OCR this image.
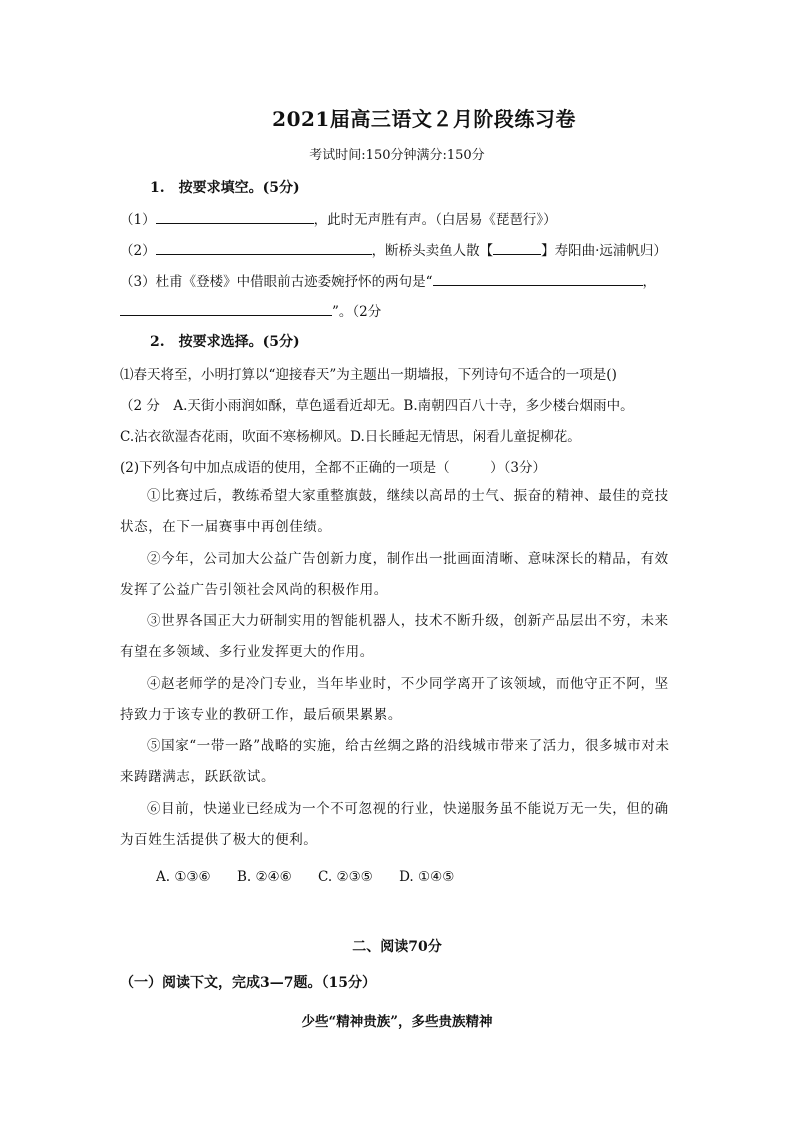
2021届高三语文２月阶段练习卷
考试时间:150分钟满分:150分
1.　按要求填空。(5分)
（1）	，此时无声胜有声。（白居易《琵琶行》）
（2）	，断桥头卖鱼人散【	】寿阳曲·远浦帆归）
（3）杜甫《登楼》中借眼前古迹委婉抒怀的两句是“	，
”。（2分
2.　按要求选择。(5分)
⑴春天将至，小明打算以“迎接春天”为主题出一期墙报，下列诗句不适合的一项是()
（2 分　A.天街小雨润如酥，草色遥看近却无。B.南朝四百八十寺，多少楼台烟雨中。
C.沾衣欲湿杏花雨，吹面不寒杨柳风。D.日长睡起无情思，闲看儿童捉柳花。
(2)下列各句中加点成语的使用，全都不正确的一项是（　　　）（3分）
①比赛过后，教练希望大家重整旗鼓，继续以高昂的士气、振奋的精神、最佳的竞技状态，在下一届赛事中再创佳绩。
②今年，公司加大公益广告创新力度，制作出一批画面清晰、意味深长的精品，有效发挥了公益广告引领社会风尚的积极作用。
③世界各国正大力研制实用的智能机器人，技术不断升级，创新产品层出不穷，未来有望在多领域、多行业发挥更大的作用。
④赵老师学的是冷门专业，当年毕业时，不少同学离开了该领域，而他守正不阿，坚持致力于该专业的教研工作，最后硕果累累。
⑤国家“一带一路”战略的实施，给古丝绸之路的沿线城市带来了活力，很多城市对未来踌躇满志，跃跃欲试。
⑥目前，快递业已经成为一个不可忽视的行业，快递服务虽不能说万无一失，但的确为百姓生活提供了极大的便利。
A. ①③⑥ B. ②④⑥ C. ②③⑤ D. ①④⑤
二、阅读70分
（一）阅读下文，完成3—7题。（15分）
少些“精神贵族”，多些贵族精神
